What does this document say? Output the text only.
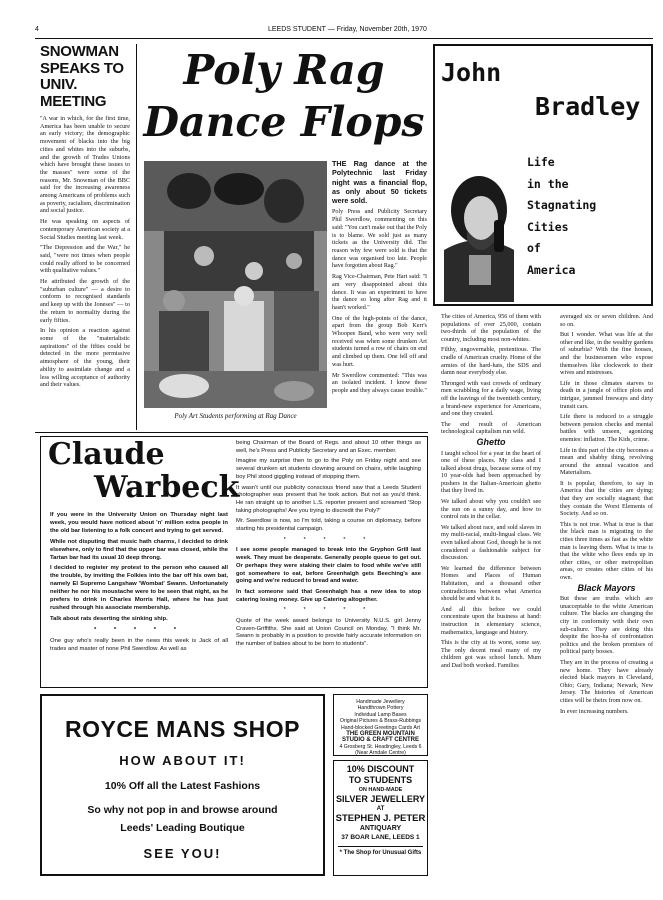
4	LEEDS STUDENT — Friday, November 20th, 1970
SNOWMAN
SPEAKS TO
UNIV. MEETING

"A war in which, for the first time, America has been unable to secure an early victory; the demographic movement of blacks into the big cities and whites into the suburbs, and the growth of Trades Unions which have brought these issues to the masses" were some of the reasons, Mr. Snowman of the BBC said for the increasing awareness among Americans of problems such as poverty, racialism, discrimination and social justice.

He was speaking on aspects of contemporary American society at a Social Studies meeting last week.

"The Depression and the War," he said, "were not times when people could really afford to be concerned with qualitative values."

He attributed the growth of the "suburban culture" — a desire to conform to recognised standards and keep up with the Joneses" — to the return to normality during the early fifties.

In his opinion a reaction against some of the "materialistic aspirations" of the fifties could be detected in the more permissive atmosphere of the young, their ability to assimilate change and a less willing acceptance of authority and their values.

Poly Rag
Dance Flops
Poly Art Students performing at Rag Dance
THE Rag dance at the Polytechnic last Friday night was a financial flop, as only about 50 tickets were sold.

Poly Press and Publicity Secretary Phil Swerdlow, commenting on this said: "You can't make out that the Poly is to blame. We sold just as many tickets as the University did. The reason why few were sold is that the dance was organised too late. People have forgotten about Rag."

Rag Vice-Chairman, Pete Hart said: "I am very disappointed about this dance. It was an experiment to have the dance so long after Rag and it hasn't worked."

One of the high-points of the dance, apart from the group Bob Kerr's Whoopee Band, who were very well received was when some drunken Art students turned a row of chairs on end and climbed up them. One fell off and was hurt.

Mr Swerdlow commented: "This was an isolated incident. I know these people and they always cause trouble."

Claude
Warbeck

If you were in the University Union on Thursday night last week, you would have noticed about 'n' million extra people in the old bar listening to a folk concert and trying to get served.

While not disputing that music hath charms, I decided to drink elsewhere, only to find that the upper bar was closed, while the Tartan bar had its usual 10 deep throng.

I decided to register my protest to the person who caused all the trouble, by inviting the Folkies into the bar off his own bat, namely El Supremo Langshaw 'Wombat' Swann. Unfortunately neither he nor his moustache were to be seen that night, as he prefers to drink in Charles Morris Hall, where he has just rushed through his associate membership.

Talk about rats deserting the sinking ship.

* * * * *

One guy who's really been in the news this week is Jack of all trades and master of none Phil Swerdlow. As well as

being Chairman of the Board of Regs. and about 10 other things as well, he's Press and Publicity Secretary and an Exec. member.

Imagine my surprise then to go to the Poly on Friday night and see several drunken art students clowning around on chairs, while laughing boy Phil stood giggling instead of stopping them.

It wasn't until our publicity conscious friend saw that a Leeds Student photographer was present that he took action. But not as you'd think. He ran straight up to another L.S. reporter present and screamed 'Stop taking photographs! Are you trying to discredit the Poly?'

Mr. Swerdlow is now, so I'm told, taking a course on diplomacy, before starting his presidential campaign.

* * * * *

I see some people managed to break into the Gryphon Grill last week. They must be desperate. Generally people queue to get out. Or perhaps they were staking their claim to food while we've still got somewhere to eat, before Greenhalgh gets Beeching's axe going and we're reduced to bread and water.

In fact someone said that Greenhalgh has a new idea to stop catering losing money. Give up Catering altogether.

* * * * *

Quote of the week award belongs to University N.U.S. girl Jenny Craven-Griffiths. She said at Union Council on Monday, "I think Mr. Swann is probably in a position to provide fairly accurate information on the number of babies about to be born to students".

ROYCE MANS SHOP
HOW ABOUT IT!
10% Off all the Latest Fashions
So why not pop in and browse around
Leeds' Leading Boutique
SEE YOU!
Handmade Jewellery
Handthrown Pottery
Individual Lamp Bases
Original Pictures & Brass-Rubbings
Hand-blocked Greetings Cards Art
THE GREEN MOUNTAIN
STUDIO & CRAFT CENTRE
4 Grosberg St. Headingley, Leeds 6
(Near Arndale Centre)
10% DISCOUNT
TO STUDENTS
ON HAND-MADE
SILVER JEWELLERY
AT
STEPHEN J. PETER
ANTIQUARY
37 BOAR LANE, LEEDS 1
* The Shop for Unusual Gifts
John
Bradley
Life
in the
Stagnating
Cities
of
America

The cities of America, 956 of them with populations of over 25,000, contain two-thirds of the population of the country, including most non-whites.

Filthy, ungovernable, pretentious. The cradle of American cruelty. Home of the armies of the hard-hats, the SDS and damn near everybody else.

Thronged with vast crowds of ordinary men scrabbling for a daily wage, living off the leavings of the twentieth century, a brand-new experience for Americans, and one they created.

The end result of American technological capitalism run wild.

Ghetto

I taught school for a year in the heart of one of these places. My class and I talked about drugs, because some of my 10 year-olds had been approached by pushers in the Italian-American ghetto that they lived in.

We talked about why you couldn't see the sun on a sunny day, and how to control rats in the cellar.

We talked about race, and sold slaves in my multi-racial, multi-lingual class. We even talked about God, though he is not considered a fashionable subject for discussion.

We learned the difference between Homes and Places of Human Habitation, and a thousand other contradictions between what America should be and what it is.

And all this before we could concentrate upon the business at hand: instruction in elementary science, mathematics, language and history.

This is the city at its worst, some say. The only decent meal many of my children got was school lunch. Mum and Dad both worked. Families

averaged six or seven children. And so on.

But I wonder. What was life at the other end like, in the wealthy gardens of suburbia? With the fine houses, and the businessmen who expose themselves like clockwork to their wives and mistresses.

Life in those climates starves to death in a jungle of office plots and intrigue, jammed freeways and dirty transit cars.

Life there is reduced to a struggle between pension checks and mental battles with unseen, agonizing enemies: inflation. The Kids, crime.

Life in this part of the city becomes a mean and shabby thing, revolving around the annual vacation and Materialism.

It is popular, therefore, to say in America that the cities are dying; that they are socially stagnant; that they contain the Worst Elements of Society. And so on.

This is not true. What is true is that the black man is migrating to the cities three times as fast as the white man is leaving them. What is true is that the white who flees ends up in other cities, or other metropolitan areas, or creates other cities of his own.

Black Mayors

But these are truths which are unacceptable to the white American culture. The blacks are changing the city in conformity with their own sub-culture. They are doing this despite the hoo-ha of confrontation politics and the broken promises of political party bosses.

They are in the process of creating a new home. They have already elected black mayors in Cleveland, Ohio; Gary, Indiana; Newark, New Jersey. The histories of American cities will be theirs from now on.

In ever increasing numbers.
